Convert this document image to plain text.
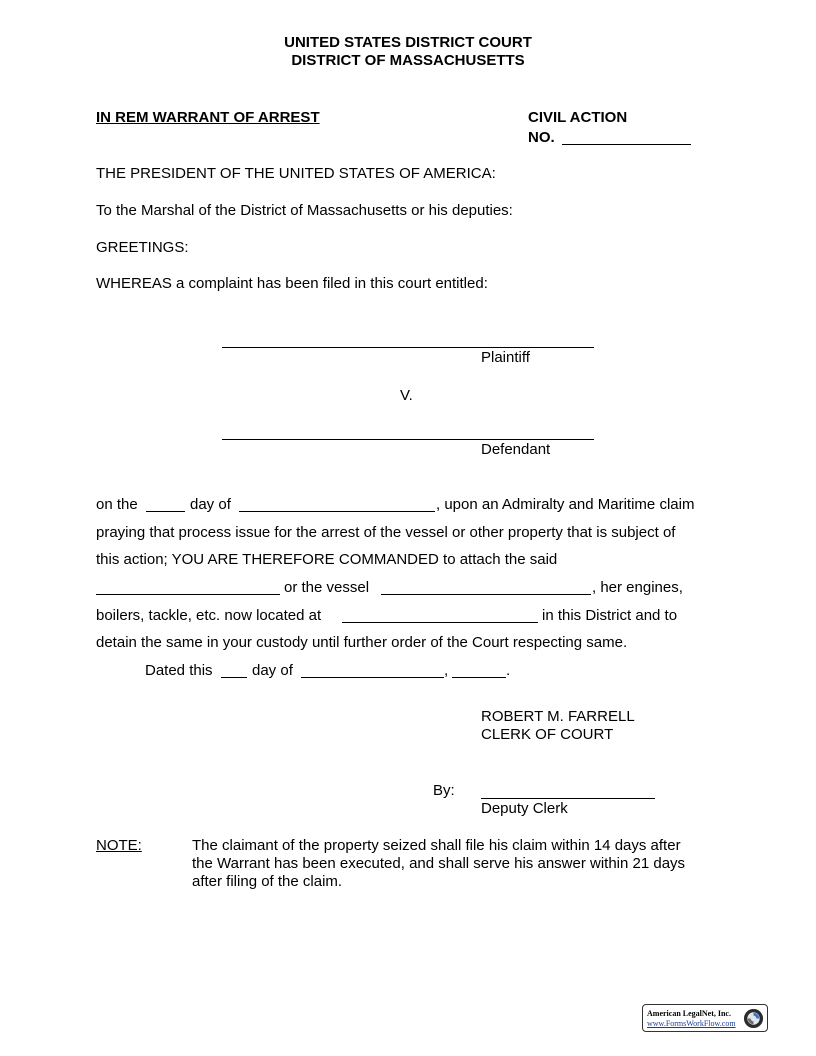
UNITED STATES DISTRICT COURT
DISTRICT OF MASSACHUSETTS
IN REM WARRANT OF ARREST	CIVIL ACTION
NO.
THE PRESIDENT OF THE UNITED STATES OF AMERICA:
To the Marshal of the District of Massachusetts or his deputies:
GREETINGS:
WHEREAS a complaint has been filed in this court entitled:
Plaintiff
V.
Defendant
on the	day of	, upon an Admiralty and Maritime claim
praying that process issue for the arrest of the vessel or other property that is subject of
this action; YOU ARE THEREFORE COMMANDED to attach the said
or the vessel	, her engines,
boilers, tackle, etc. now located at	in this District and to
detain the same in your custody until further order of the Court respecting same.
Dated this	day of	,	.
ROBERT M. FARRELL
CLERK OF COURT
By:
Deputy Clerk
NOTE:	The claimant of the property seized shall file his claim within 14 days after
the Warrant has been executed, and shall serve his answer within 21 days
after filing of the claim.
American LegalNet, Inc.
www.FormsWorkFlow.com
